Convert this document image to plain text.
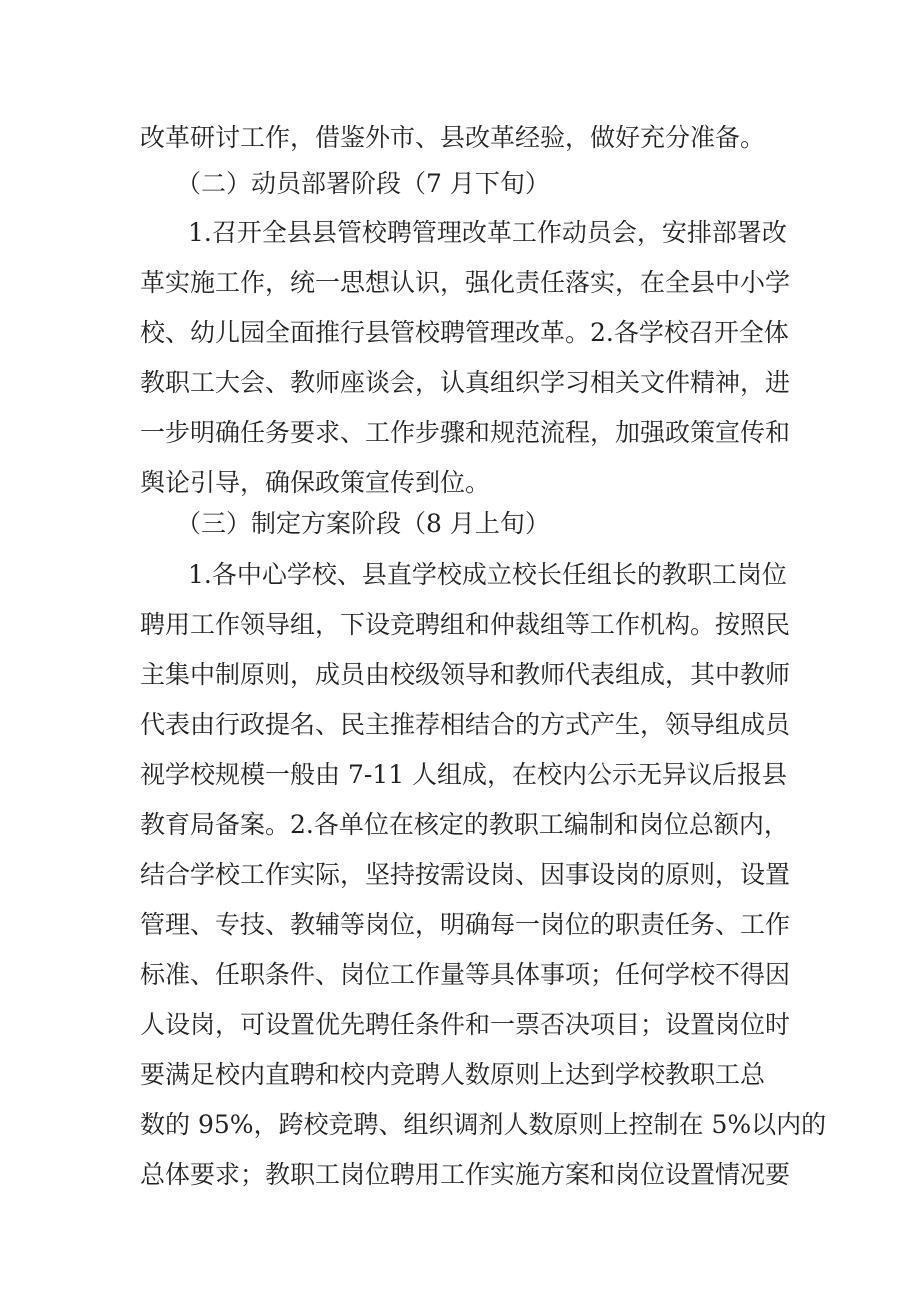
改革研讨工作，借鉴外市、县改革经验，做好充分准备。
（二）动员部署阶段（7 月下旬）
1.召开全县县管校聘管理改革工作动员会，安排部署改
革实施工作，统一思想认识，强化责任落实，在全县中小学
校、幼儿园全面推行县管校聘管理改革。2.各学校召开全体
教职工大会、教师座谈会，认真组织学习相关文件精神，进
一步明确任务要求、工作步骤和规范流程，加强政策宣传和
舆论引导，确保政策宣传到位。
（三）制定方案阶段（8 月上旬）
1.各中心学校、县直学校成立校长任组长的教职工岗位
聘用工作领导组，下设竞聘组和仲裁组等工作机构。按照民
主集中制原则，成员由校级领导和教师代表组成，其中教师
代表由行政提名、民主推荐相结合的方式产生，领导组成员
视学校规模一般由 7-11 人组成，在校内公示无异议后报县
教育局备案。2.各单位在核定的教职工编制和岗位总额内，
结合学校工作实际，坚持按需设岗、因事设岗的原则，设置
管理、专技、教辅等岗位，明确每一岗位的职责任务、工作
标准、任职条件、岗位工作量等具体事项；任何学校不得因
人设岗，可设置优先聘任条件和一票否决项目；设置岗位时
要满足校内直聘和校内竞聘人数原则上达到学校教职工总
数的 95%，跨校竞聘、组织调剂人数原则上控制在 5%以内的
总体要求；教职工岗位聘用工作实施方案和岗位设置情况要
